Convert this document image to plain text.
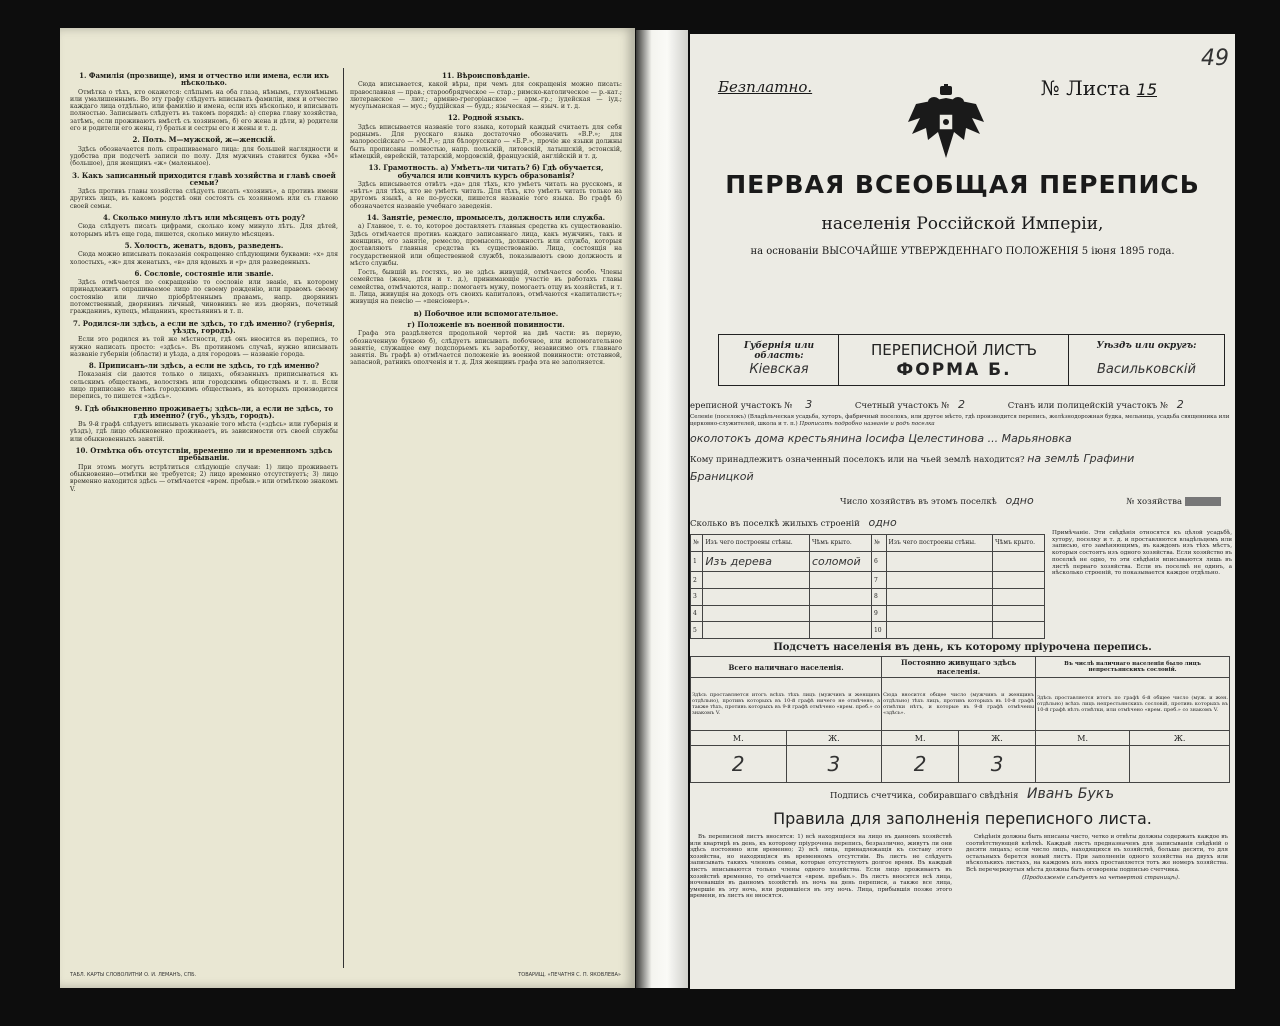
1. Фамилія (прозвище), имя и отчество или имена, если ихъ нѣсколько.

Отмѣтка о тѣхъ, кто окажется: слѣпымъ на оба глаза, нѣмымъ, глухонѣмымъ или умалишеннымъ. Во эту графу слѣдуетъ вписывать фамиліи, имя и отчество каждаго лица отдѣльно, или фамилію и имена, если ихъ нѣсколько, и вписывать полностью. Записывать слѣдуетъ въ такомъ порядкѣ: а) сперва главу хозяйства, затѣмъ, если проживаютъ вмѣстѣ съ хозяиномъ, б) его жена и дѣти, в) родители его и родители его жены, г) братья и сестры его и жены и т. д.

2. Полъ. М—мужской, ж—женскій.

Здѣсь обозначается полъ спрашиваемаго лица: для большей наглядности и удобства при подсчетѣ записи по полу. Для мужчинъ ставится буква «М» (большое), для женщинъ «ж» (маленькое).

3. Какъ записанный приходится главѣ хозяйства и главѣ своей семьи?

Здѣсь противъ главы хозяйства слѣдуетъ писать «хозяинъ», а противъ имени другихъ лицъ, въ какомъ родствѣ они состоятъ съ хозяиномъ или съ главою своей семьи.

4. Сколько минуло лѣтъ или мѣсяцевъ отъ роду?

Сюда слѣдуетъ писать цифрами, сколько кому минуло лѣтъ. Для дѣтей, которымъ нѣтъ еще года, пишется, сколько минуло мѣсяцевъ.

5. Холостъ, женатъ, вдовъ, разведенъ.

Сюда можно вписывать показанія сокращенно слѣдующими буквами: «х» для холостыхъ, «ж» для женатыхъ, «в» для вдовыхъ и «р» для разведенныхъ.

6. Сословіе, состояніе или званіе.

Здѣсь отмѣчается по сокращенію то сословіе или званіе, къ которому принадлежитъ опрашиваемое лицо по своему рожденію, или правомъ своему состоянію или лично пріобрѣтеннымъ правамъ, напр. дворянинъ потомственный, дворянинъ личный, чиновникъ не изъ дворянъ, почетный гражданинъ, купецъ, мѣщанинъ, крестьянинъ и т. п.

7. Родился-ли здѣсь, а если не здѣсь, то гдѣ именно? (губернія, уѣздъ, городъ).

Если это родился въ той же мѣстности, гдѣ онъ вносится въ перепись, то нужно написать просто: «здѣсь». Въ противномъ случаѣ, нужно вписывать названіе губерніи (области) и уѣзда, а для городовъ — названіе города.

8. Приписанъ-ли здѣсь, а если не здѣсь, то гдѣ именно?

Показанія сіи даются только о лицахъ, обязанныхъ приписываться къ сельскимъ обществамъ, волостямъ или городскимъ обществамъ и т. п. Если лицо приписано къ тѣмъ городскимъ обществамъ, въ которыхъ производится перепись, то пишется «здѣсь».

9. Гдѣ обыкновенно проживаетъ; здѣсь-ли, а если не здѣсь, то гдѣ именно? (губ., уѣздъ, городъ).

Въ 9-й графѣ слѣдуетъ вписывать указаніе того мѣста («здѣсь» или губернія и уѣздъ), гдѣ лицо обыкновенно проживаетъ, въ зависимости отъ своей службы или обыкновенныхъ занятій.

10. Отмѣтка объ отсутствіи, временно ли и временномъ здѣсь пребываніи.

При этомъ могутъ встрѣтиться слѣдующіе случаи: 1) лицо проживаетъ обыкновенно—отмѣтки не требуется; 2) лицо временно отсутствуетъ; 3) лицо временно находится здѣсь — отмѣчается «врем. пребыв.» или отмѣткою знакомъ V.

11. Вѣроисповѣданіе.

Сюда вписывается, какой вѣры, при чемъ для сокращенія можно писать: православная — прав.; старообрядческое — стар.; римско-католическое — р.-кат.; лютеранское — лют.; армяно-грегоріанское — арм.-гр.; іудейская — іуд.; мусульманская — мус.; буддійская — будд.; языческая — языч. и т. д.

12. Родной языкъ.

Здѣсь вписывается названіе того языка, который каждый считаетъ для себя роднымъ. Для русскаго языка достаточно обозначить «В.Р.»; для малороссійскаго — «М.Р.»; для бѣлорусскаго — «Б.Р.», прочіе же языки должны быть прописаны полностью, напр. польскій, литовскій, латышскій, эстонскій, нѣмецкій, еврейскій, татарскій, мордовскій, французскій, англійскій и т. д.

13. Грамотность. а) Умѣетъ-ли читать? б) Гдѣ обучается, обучался или кончилъ курсъ образованія?

Здѣсь вписывается отвѣтъ «да» для тѣхъ, кто умѣетъ читать на русскомъ, и «нѣтъ» для тѣхъ, кто не умѣетъ читать. Для тѣхъ, кто умѣетъ читать только на другомъ языкѣ, а не по-русски, пишется названіе того языка. Во графѣ б) обозначается названіе учебнаго заведенія.

14. Занятіе, ремесло, промыселъ, должность или служба.

а) Главное, т. е. то, которое доставляетъ главныя средства къ существованію. Здѣсь отмѣчается противъ каждаго записаннаго лица, какъ мужчинъ, такъ и женщинъ, его занятіе, ремесло, промыселъ, должность или служба, которыя доставляютъ главныя средства къ существованію. Лица, состоящія на государственной или общественной службѣ, показываютъ свою должность и мѣсто службы.

Гость, бывшій въ гостяхъ, но не здѣсь живущій, отмѣчается особо. Члены семейства (жена, дѣти и т. д.), принимающіе участіе въ работахъ главы семейства, отмѣчаются, напр.: помогаетъ мужу, помогаетъ отцу въ хозяйствѣ, и т. п. Лица, живущія на доходъ отъ своихъ капиталовъ, отмѣчаются «капиталистъ»; живущія на пенсію — «пенсіонеръ».

в) Побочное или вспомогательное.
г) Положеніе въ военной повинности.

Графа эта раздѣляется продольной чертой на двѣ части: въ первую, обозначенную буквою б), слѣдуетъ вписывать побочное, или вспомогательное занятіе, служащее ему подспорьемъ къ заработку, независимо отъ главнаго занятія. Въ графѣ в) отмѣчается положеніе въ военной повинности: отставной, запасной, ратникъ ополченія и т. д. Для женщинъ графа эта не заполняется.

ТАБЛ. КАРТЫ СЛОВОЛИТНИ О. И. ЛЕМАНЪ, СПБ.	ТОВАРИЩ. «ПЕЧАТНЯ С. П. ЯКОВЛЕВА»
Безплатно.	№ Листа 15
49
ПЕРВАЯ ВСЕОБЩАЯ ПЕРЕПИСЬ
населенія Россійской Имперіи,
на основаніи ВЫСОЧАЙШЕ УТВЕРЖДЕННАГО ПОЛОЖЕНІЯ 5 іюня 1895 года.
Губернія или область:
Кіевская
ПЕРЕПИСНОЙ ЛИСТЪ
ФОРМА Б.
Уѣздъ или округъ:
Васильковскій
ереписной участокъ № 3	Счетный участокъ № 2	Станъ или полицейскій участокъ № 2
Селеніе (поселокъ) (Владѣльческая усадьба, хуторъ, фабричный поселокъ, или другое мѣсто, гдѣ производится перепись, желѣзнодорожная будка, мельница, усадьба священника или церковно-служителей, школа и т. п.) Прописать подробно названіе и родъ поселка
околотокъ дома крестьянина Іосифа Целестинова ... Марьяновка
Кому принадлежитъ означенный поселокъ или на чьей землѣ находится? на землѣ Графини
Браницкой
Число хозяйствъ въ этомъ поселкѣ одно	№ хозяйства
Сколько въ поселкѣ жилыхъ строеній одно
№	Изъ чего построены стѣны.	Чѣмъ крыто.	№	Изъ чего построены стѣны.	Чѣмъ крыто.
1	Изъ дерева	соломой	6		
2			7		
3			8		
4			9		
5			10		
Примѣчаніе. Эти свѣдѣнія относятся къ цѣлой усадьбѣ, хутору, поселку и т. д. и проставляются владѣльцемъ или записью, его замѣняющимъ, въ каждомъ изъ тѣхъ мѣстъ, которыя состоятъ изъ одного хозяйства. Если хозяйство въ поселкѣ не одно, то эти свѣдѣнія вписываются лишь въ листѣ перваго хозяйства. Если въ поселкѣ не одинъ, а нѣсколько строеній, то показывается каждое отдѣльно.
Подсчетъ населенія въ день, къ которому пріурочена перепись.
Всего наличнаго населенія.		Постоянно живущаго здѣсь населенія.		Въ числѣ наличнаго населенія было лицъ непрестьянскихъ сословій.	
Здѣсь проставляется итогъ всѣхъ тѣхъ лицъ (мужчинъ и женщинъ отдѣльно), противъ которыхъ въ 10-й графѣ ничего не отмѣчено, а также тѣхъ, противъ которыхъ въ 9-й графѣ отмѣчено «врем. преб.» со знакомъ V.		Сюда вносится общее число (мужчинъ и женщинъ отдѣльно) тѣхъ лицъ, противъ которыхъ въ 10-й графѣ отмѣтки нѣтъ, и которые въ 9-й графѣ отмѣчены «здѣсь».		Здѣсь проставляется итогъ по графѣ 6-й общее число (муж. и жен. отдѣльно) всѣхъ лицъ непрестьянскихъ сословій, противъ которыхъ въ 10-й графѣ нѣтъ отмѣтки, или отмѣчено «врем. преб.» со знакомъ V.	
М.	Ж.	М.	Ж.	М.	Ж.
2	3	2	3		
Подпись счетчика, собиравшаго свѣдѣнія Иванъ Букъ
Правила для заполненія переписного листа.

Въ переписной листъ вносятся: 1) всѣ находящіеся на лицо въ данномъ хозяйствѣ или квартирѣ въ день, къ которому пріурочена перепись, безразлично, живутъ ли они здѣсь постоянно или временно; 2) всѣ лица, принадлежащія къ составу этого хозяйства, но находящіяся въ временномъ отсутствіи. Въ листъ не слѣдуетъ записывать такихъ членовъ семьи, которые отсутствуютъ долгое время. Въ каждый листъ вписываются только члены одного хозяйства. Если лицо проживаетъ въ хозяйствѣ временно, то отмѣчается «врем. пребыв.». Въ листъ вносятся всѣ лица, ночевавшія въ данномъ хозяйствѣ въ ночь на день переписи, а также все лица, умершіе въ эту ночь, или родившіеся въ эту ночь. Лица, прибывшія позже этого времени, въ листъ не вносятся.

Свѣдѣнія должны быть вписаны чисто, четко и отвѣты должны содержать каждое въ соотвѣтствующей клѣткѣ. Каждый листъ предназначенъ для записыванія свѣдѣній о десяти лицахъ; если число лицъ, находящихся въ хозяйствѣ, больше десяти, то для остальныхъ берется новый листъ. При заполненіи одного хозяйства на двухъ или нѣсколькихъ листахъ, на каждомъ изъ нихъ проставляется тотъ же номеръ хозяйства. Всѣ перечеркнутыя мѣста должны быть оговорены подписью счетчика.

(Продолженіе слѣдуетъ на четвертой страницѣ).
